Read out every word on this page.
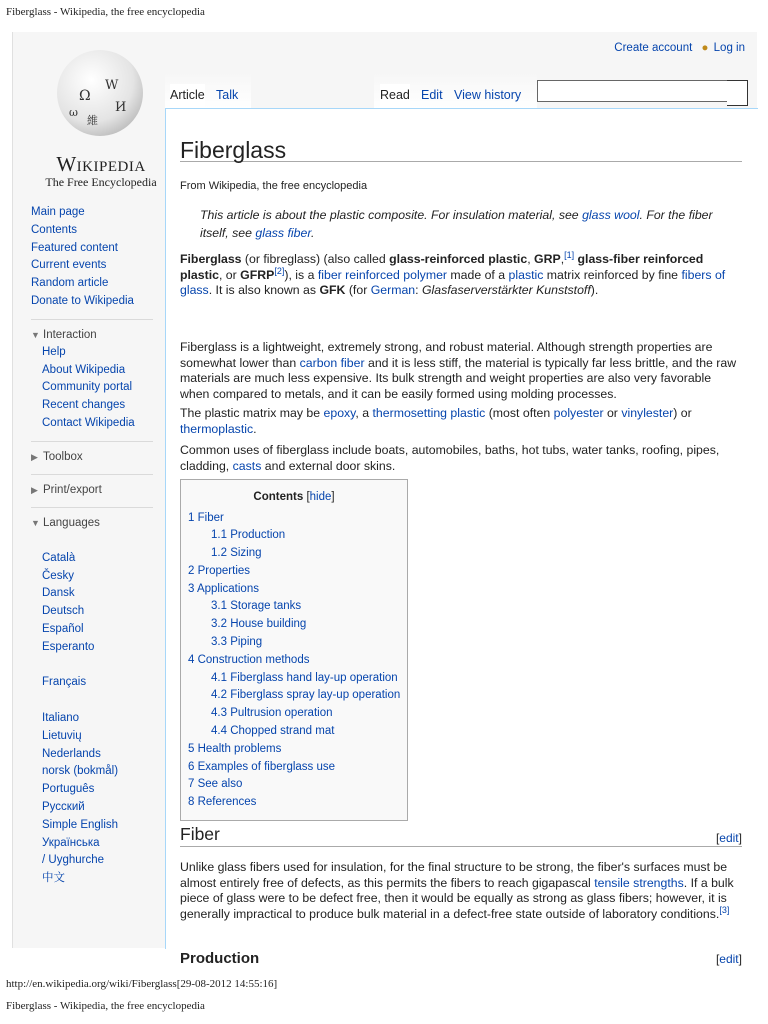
Fiberglass - Wikipedia, the free encyclopedia
Ω
W
И
維
ω
Wikipedia
The Free Encyclopedia
Main page
Contents
Featured content
Current events
Random article
Donate to Wikipedia
▼ Interaction
Help
About Wikipedia
Community portal
Recent changes
Contact Wikipedia
▶ Toolbox
▶ Print/export
▼ Languages
Català
Česky
Dansk
Deutsch
Español
Esperanto
Français
Italiano
Lietuvių
Nederlands
norsk (bokmål)
Português
Русский
Simple English
Українська
/ Uyghurche
中文
Create account ● Log in
Article Talk	Read Edit View history
Fiberglass
From Wikipedia, the free encyclopedia
This article is about the plastic composite. For insulation material, see glass wool. For the fiber itself, see glass fiber.

Fiberglass (or fibreglass) (also called glass-reinforced plastic, GRP,[1] glass-fiber reinforced plastic, or GFRP[2]), is a fiber reinforced polymer made of a plastic matrix reinforced by fine fibers of glass. It is also known as GFK (for German: Glasfaserverstärkter Kunststoff).

Fiberglass is a lightweight, extremely strong, and robust material. Although strength properties are somewhat lower than carbon fiber and it is less stiff, the material is typically far less brittle, and the raw materials are much less expensive. Its bulk strength and weight properties are also very favorable when compared to metals, and it can be easily formed using molding processes.

The plastic matrix may be epoxy, a thermosetting plastic (most often polyester or vinylester) or thermoplastic.

Common uses of fiberglass include boats, automobiles, baths, hot tubs, water tanks, roofing, pipes, cladding, casts and external door skins.

Contents [hide]
1 Fiber
1.1 Production
1.2 Sizing
2 Properties
3 Applications
3.1 Storage tanks
3.2 House building
3.3 Piping
4 Construction methods
4.1 Fiberglass hand lay-up operation
4.2 Fiberglass spray lay-up operation
4.3 Pultrusion operation
4.4 Chopped strand mat
5 Health problems
6 Examples of fiberglass use
7 See also
8 References
Fiber	[edit]

Unlike glass fibers used for insulation, for the final structure to be strong, the fiber's surfaces must be almost entirely free of defects, as this permits the fibers to reach gigapascal tensile strengths. If a bulk piece of glass were to be defect free, then it would be equally as strong as glass fibers; however, it is generally impractical to produce bulk material in a defect-free state outside of laboratory conditions.[3]

Production	[edit]
http://en.wikipedia.org/wiki/Fiberglass[29-08-2012 14:55:16]
Fiberglass - Wikipedia, the free encyclopedia
